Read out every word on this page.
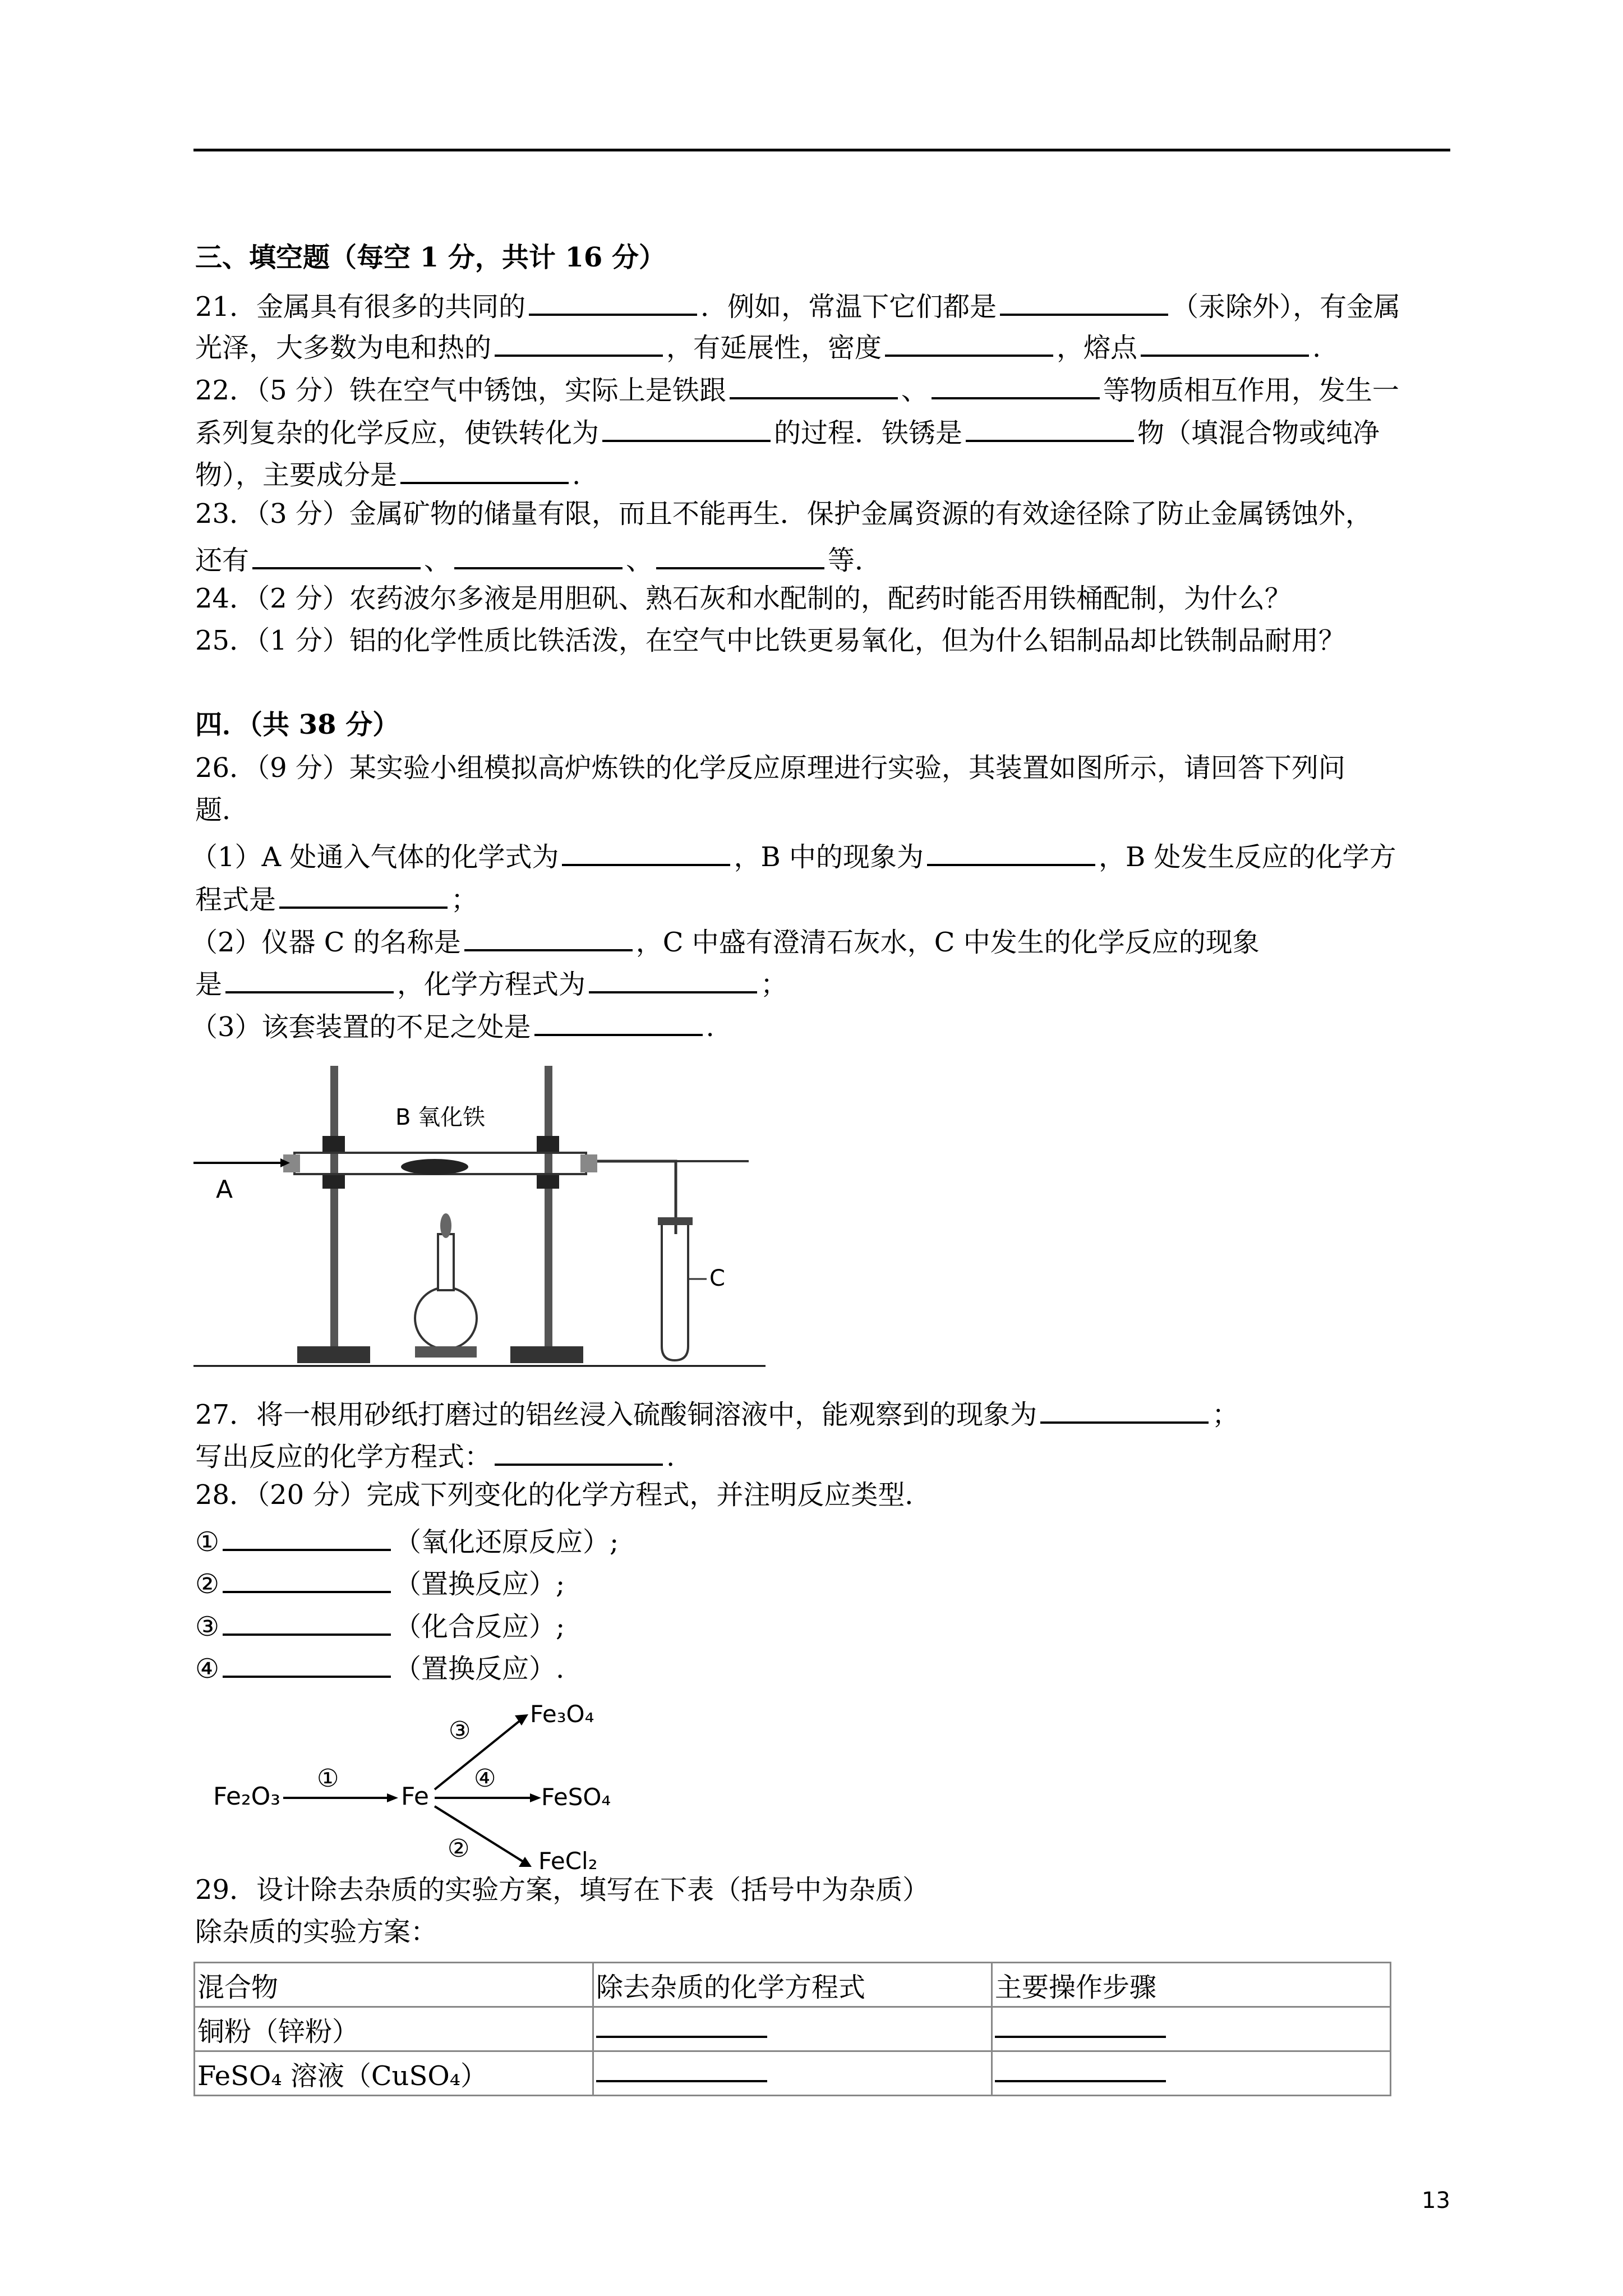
三、填空题（每空 1 分，共计 16 分）
21．金属具有很多的共同的	．例如，常温下它们都是	（汞除外），有金属
光泽，大多数为电和热的	，有延展性，密度	，熔点	.
22．（5 分）铁在空气中锈蚀，实际上是铁跟	、	等物质相互作用，发生一
系列复杂的化学反应，使铁转化为	的过程．铁锈是	物（填混合物或纯净
物），主要成分是	.
23．（3 分）金属矿物的储量有限，而且不能再生．保护金属资源的有效途径除了防止金属锈蚀外，
还有	、	、	等．
24．（2 分）农药波尔多液是用胆矾、熟石灰和水配制的，配药时能否用铁桶配制，为什么？
25．（1 分）铝的化学性质比铁活泼，在空气中比铁更易氧化，但为什么铝制品却比铁制品耐用？
四．（共 38 分）
26．（9 分）某实验小组模拟高炉炼铁的化学反应原理进行实验，其装置如图所示，请回答下列问
题．
（1）A 处通入气体的化学式为	，B 中的现象为	，B 处发生反应的化学方
程式是	；
（2）仪器 C 的名称是	，C 中盛有澄清石灰水，C 中发生的化学反应的现象
是	，化学方程式为	；
（3）该套装置的不足之处是	.
B 氧化铁
A
C
27．将一根用砂纸打磨过的铝丝浸入硫酸铜溶液中，能观察到的现象为	；
写出反应的化学方程式：	.
28．（20 分）完成下列变化的化学方程式，并注明反应类型．
①	（氧化还原反应）;
②	（置换反应）;
③	（化合反应）;
④	（置换反应）.
Fe₂O₃
①
Fe
③
Fe₃O₄
④
FeSO₄
②	FeCl₂
29．设计除去杂质的实验方案，填写在下表（括号中为杂质）
除杂质的实验方案：
混合物	除去杂质的化学方程式	主要操作步骤
铜粉（锌粉）		
FeSO₄ 溶液（CuSO₄）		
13
